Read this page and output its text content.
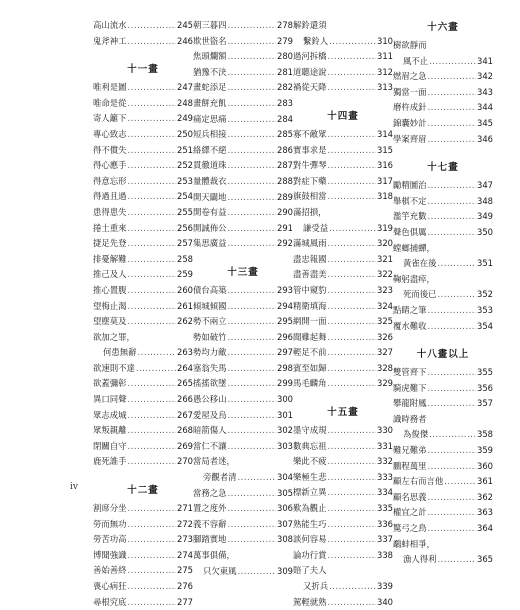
高山流水 .....	245
鬼斧神工 .....	246
十一畫
唯利是圖 .....	247
唯命是從 .....	248
寄人籬下 .....	249
專心致志 .....	250
得不償失 .....	251
得心應手 .....	252
得意忘形 .....	253
得過且過 .....	254
患得患失 .....	255
捲土重來 .....	256
捷足先登 .....	257
排憂解難 .....	258
推己及人 .....	259
推心置腹 .....	260
望梅止渴 .....	261
望塵莫及 .....	262
欲加之罪，
何患無辭 .....	263
欲速則不達 .....	264
欲蓋彌彰 .....	265
異口同聲 .....	266
眾志成城 .....	267
眾叛親離 .....	268
閉關自守 .....	269
鹿死誰手 .....	270
十二畫
割席分坐 .....	271
勞而無功 .....	272
勞苦功高 .....	273
博聞強識 .....	274
善始善終 .....	275
喪心病狂 .....	276
尋根究底 .....	277
朝三暮四 .....	278
欺世盜名 .....	279
焦頭爛額 .....	280
猶豫不決 .....	281
畫蛇添足 .....	282
畫餅充飢 .....	283
痛定思痛 .....	284
短兵相接 .....	285
絡繹不絕 .....	286
貫徹道珠 .....	287
量體裁衣 .....	288
開天闢地 .....	289
開卷有益 .....	290
開誠佈公 .....	291
集思廣益 .....	292
十三畫
債台高築 .....	293
傾城傾國 .....	294
勢不兩立 .....	295
勢如破竹 .....	296
勢均力敵 .....	297
塞翁失馬 .....	298
搖搖欲墜 .....	299
愚公移山 .....	300
愛屋及烏 .....	301
暗箭傷人 .....	302
當仁不讓 .....	303
當局者迷，
旁觀者清 .....	304
當務之急 .....	305
置之度外 .....	306
義不容辭 .....	307
腳踏實地 .....	308
萬事俱備，
只欠東風 .....	309
解鈴還須
繫鈴人 .....	310
過河拆橋 .....	311
道聽途說 .....	312
禍從天降 .....	313
十四畫
寡不敵眾 .....	314
實事求是 .....	315
對牛彈琴 .....	316
對症下藥 .....	317
旗鼓相當 .....	318
滿招損，
謙受益 .....	319
滿城風雨 .....	320
盡忠報國 .....	321
盡善盡美 .....	322
管中窺豹 .....	323
精衛填海 .....	324
網開一面 .....	325
聞雞起舞 .....	326
輕足不前 .....	327
賓至如歸 .....	328
馬毛麟角 .....	329
十五畫
墨守成規 .....	330
數典忘祖 .....	331
樂此不疲 .....	332
樂極生悲 .....	333
標新立異 .....	334
歎為觀止 .....	335
熟能生巧 .....	336
談何容易 .....	337
論功行賞 .....	338
賠了夫人
又折兵 .....	339
駕輕就熟 .....	340
十六畫
樹欲靜而
風不止 .....	341
燃眉之急 .....	342
獨當一面 .....	343
磨杵成針 .....	344
錦囊妙計 .....	345
學案齊眉 .....	346
十七畫
勵精圖治 .....	347
舉棋不定 .....	348
濫竽充數 .....	349
聲色俱厲 .....	350
螳螂捕蟬，
黃雀在後 .....	351
鞠躬盡瘁，
死而後已 .....	352
點睛之筆 .....	353
覆水難收 .....	354
十八畫以上
雙管齊下 .....	355
騎虎難下 .....	356
攀龍附鳳 .....	357
識時務者
為俊傑 .....	358
難兄難弟 .....	359
鵬程萬里 .....	360
顧左右而言他 .....	361
顧名思義 .....	362
權宜之計 .....	363
驚弓之鳥 .....	364
鷸蚌相爭，
漁人得利 .....	365
iv
